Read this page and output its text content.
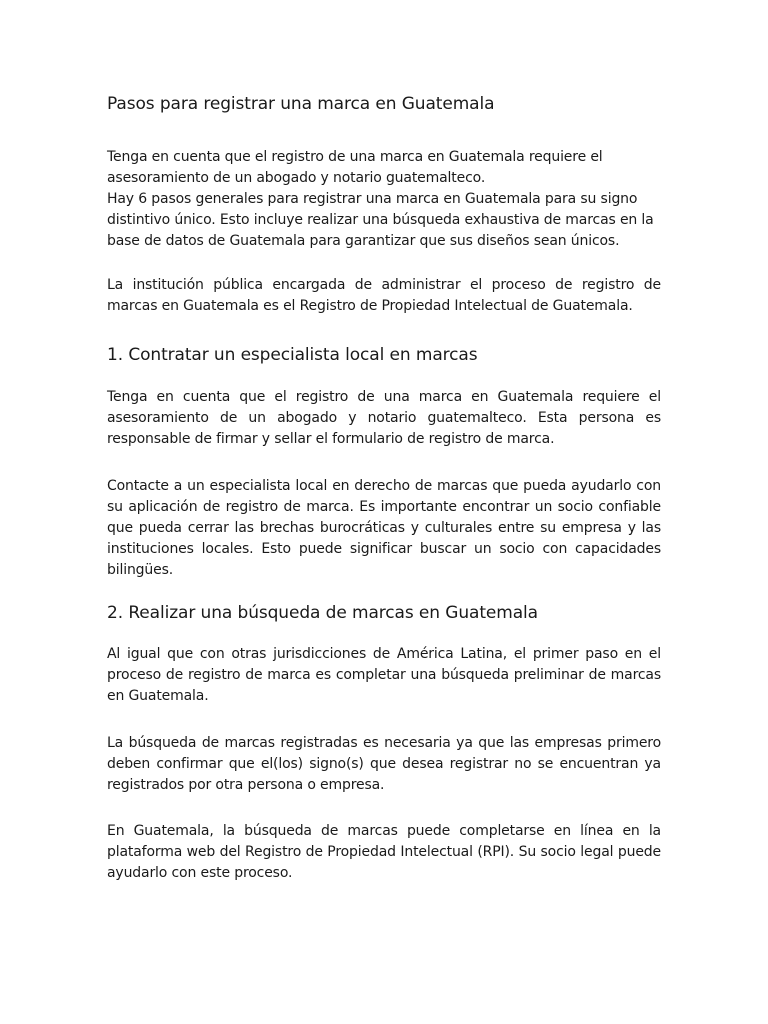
Pasos para registrar una marca en Guatemala

Tenga en cuenta que el registro de una marca en Guatemala requiere el asesoramiento de un abogado y notario guatemalteco.

Hay 6 pasos generales para registrar una marca en Guatemala para su signo distintivo único. Esto incluye realizar una búsqueda exhaustiva de marcas en la base de datos de Guatemala para garantizar que sus diseños sean únicos.

La institución pública encargada de administrar el proceso de registro de marcas en Guatemala es el Registro de Propiedad Intelectual de Guatemala.

1. Contratar un especialista local en marcas

Tenga en cuenta que el registro de una marca en Guatemala requiere el asesoramiento de un abogado y notario guatemalteco. Esta persona es responsable de firmar y sellar el formulario de registro de marca.

Contacte a un especialista local en derecho de marcas que pueda ayudarlo con su aplicación de registro de marca. Es importante encontrar un socio confiable que pueda cerrar las brechas burocráticas y culturales entre su empresa y las instituciones locales. Esto puede significar buscar un socio con capacidades bilingües.

2. Realizar una búsqueda de marcas en Guatemala

Al igual que con otras jurisdicciones de América Latina, el primer paso en el proceso de registro de marca es completar una búsqueda preliminar de marcas en Guatemala.

La búsqueda de marcas registradas es necesaria ya que las empresas primero deben confirmar que el(los) signo(s) que desea registrar no se encuentran ya registrados por otra persona o empresa.

En Guatemala, la búsqueda de marcas puede completarse en línea en la plataforma web del Registro de Propiedad Intelectual (RPI). Su socio legal puede ayudarlo con este proceso.
